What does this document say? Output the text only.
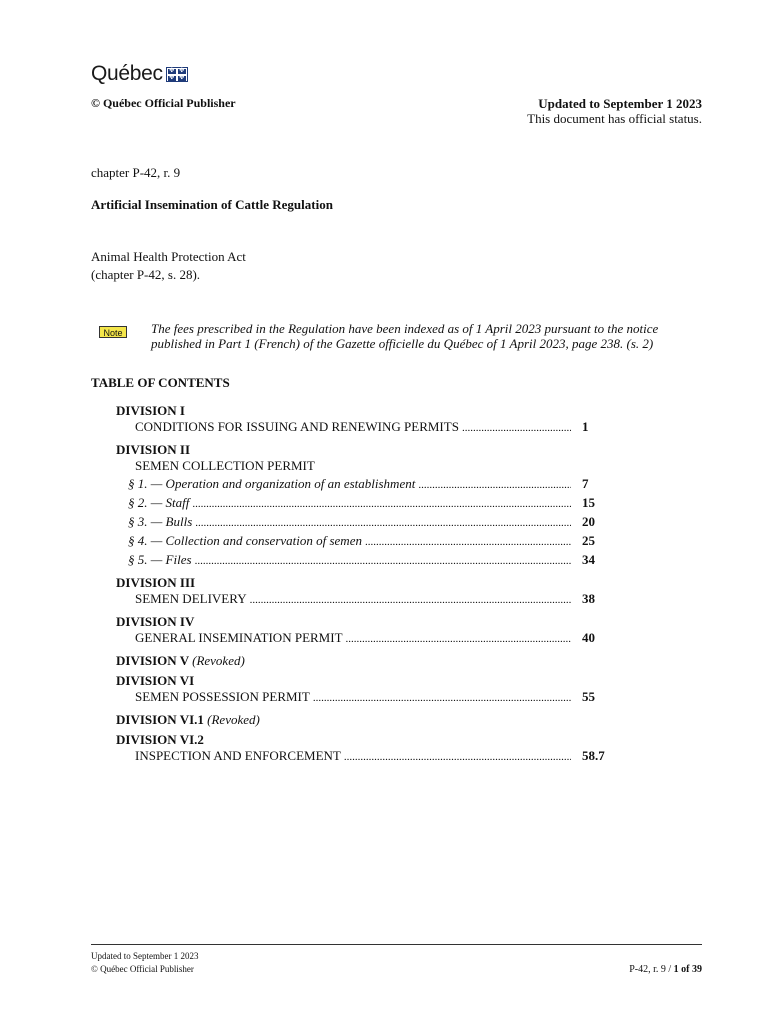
Québec ✤ ✤
✤ ✤
© Québec Official Publisher	Updated to September 1 2023
This document has official status.
chapter P-42, r. 9
Artificial Insemination of Cattle Regulation
Animal Health Protection Act
(chapter P-42, s. 28).
Note	The fees prescribed in the Regulation have been indexed as of 1 April 2023 pursuant to the notice published in Part 1 (French) of the Gazette officielle du Québec of 1 April 2023, page 238. (s. 2)
TABLE OF CONTENTS
DIVISION I
CONDITIONS FOR ISSUING AND RENEWING PERMITS .....	1
DIVISION II
SEMEN COLLECTION PERMIT
§ 1. — Operation and organization of an establishment .....	7
§ 2. — Staff .....	15
§ 3. — Bulls .....	20
§ 4. — Collection and conservation of semen .....	25
§ 5. — Files .....	34
DIVISION III
SEMEN DELIVERY .....	38
DIVISION IV
GENERAL INSEMINATION PERMIT .....	40
DIVISION V (Revoked)
DIVISION VI
SEMEN POSSESSION PERMIT .....	55
DIVISION VI.1 (Revoked)
DIVISION VI.2
INSPECTION AND ENFORCEMENT .....	58.7
Updated to September 1 2023
© Québec Official Publisher	P-42, r. 9 / 1 of 39
